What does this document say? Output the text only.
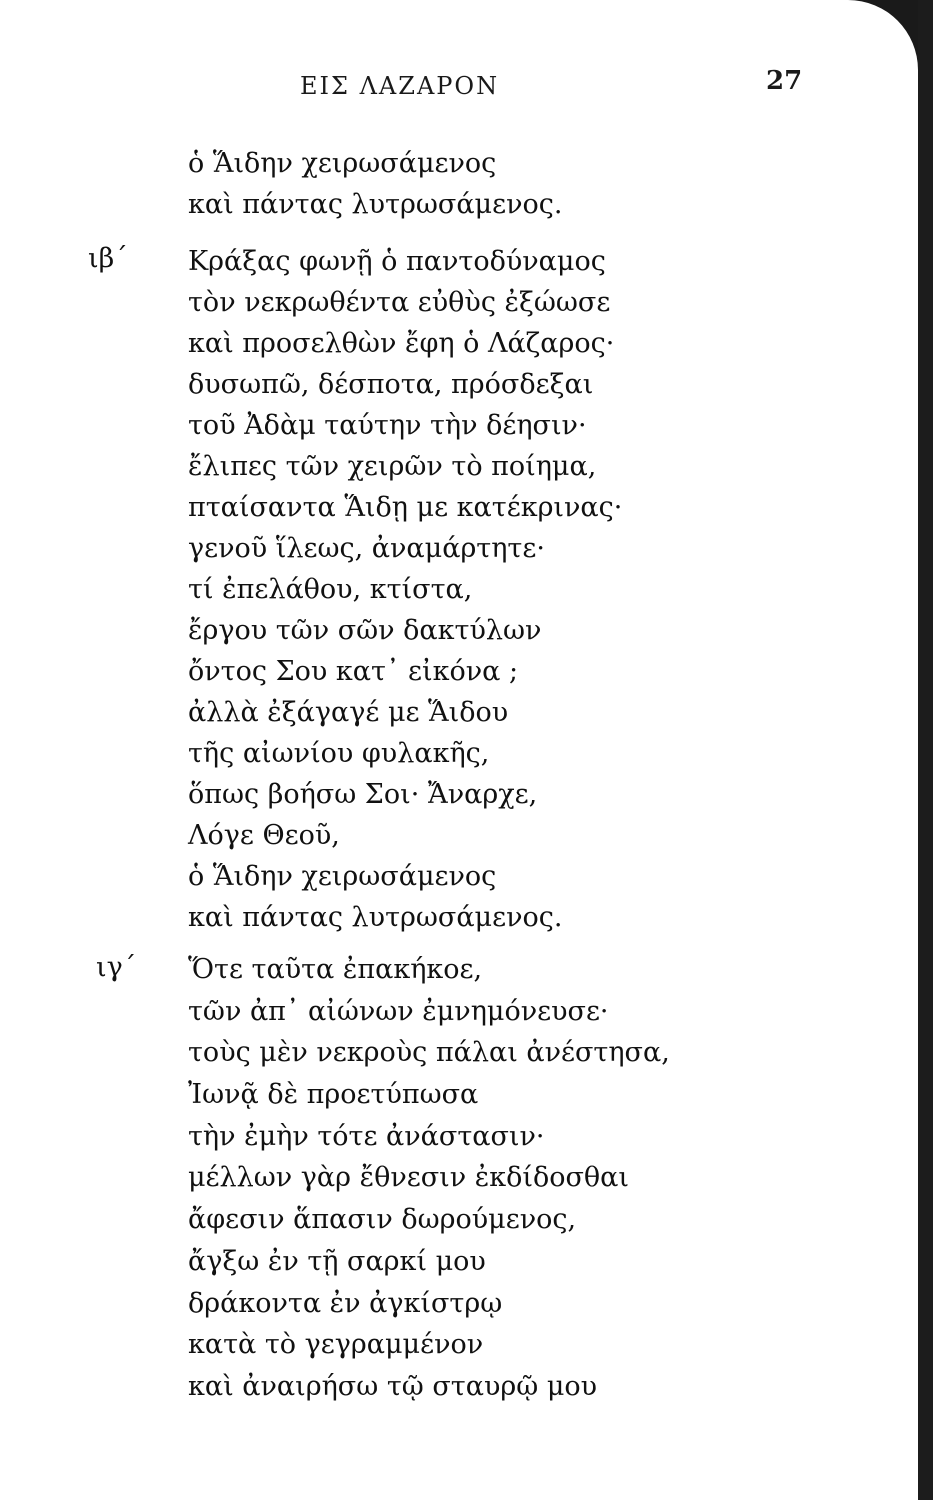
ΕΙΣ ΛΑΖΑΡΟΝ	27
ὁ Ἅιδην χειρωσάμενος
καὶ πάντας λυτρωσάμενος.
ιβ΄ Κράξας φωνῇ ὁ παντοδύναμος
τὸν νεκρωθέντα εὐθὺς ἐξώωσε
καὶ προσελθὼν ἔφη ὁ Λάζαρος·
δυσωπῶ, δέσποτα, πρόσδεξαι
τοῦ Ἀδὰμ ταύτην τὴν δέησιν·
ἔλιπες τῶν χειρῶν τὸ ποίημα,
πταίσαντα Ἅιδῃ με κατέκρινας·
γενοῦ ἵλεως, ἀναμάρτητε·
τί ἐπελάθου, κτίστα,
ἔργου τῶν σῶν δακτύλων
ὄντος Σου κατ᾽ εἰκόνα ;
ἀλλὰ ἐξάγαγέ με Ἅιδου
τῆς αἰωνίου φυλακῆς,
ὅπως βοήσω Σοι· Ἄναρχε,
Λόγε Θεοῦ,
ὁ Ἅιδην χειρωσάμενος
καὶ πάντας λυτρωσάμενος.
ιγ΄ Ὅτε ταῦτα ἐπακήκοε,
τῶν ἀπ᾽ αἰώνων ἐμνημόνευσε·
τοὺς μὲν νεκροὺς πάλαι ἀνέστησα,
Ἰωνᾷ δὲ προετύπωσα
τὴν ἐμὴν τότε ἀνάστασιν·
μέλλων γὰρ ἔθνεσιν ἐκδίδοσθαι
ἄφεσιν ἅπασιν δωρούμενος,
ἄγξω ἐν τῇ σαρκί μου
δράκοντα ἐν ἀγκίστρῳ
κατὰ τὸ γεγραμμένον
καὶ ἀναιρήσω τῷ σταυρῷ μου
